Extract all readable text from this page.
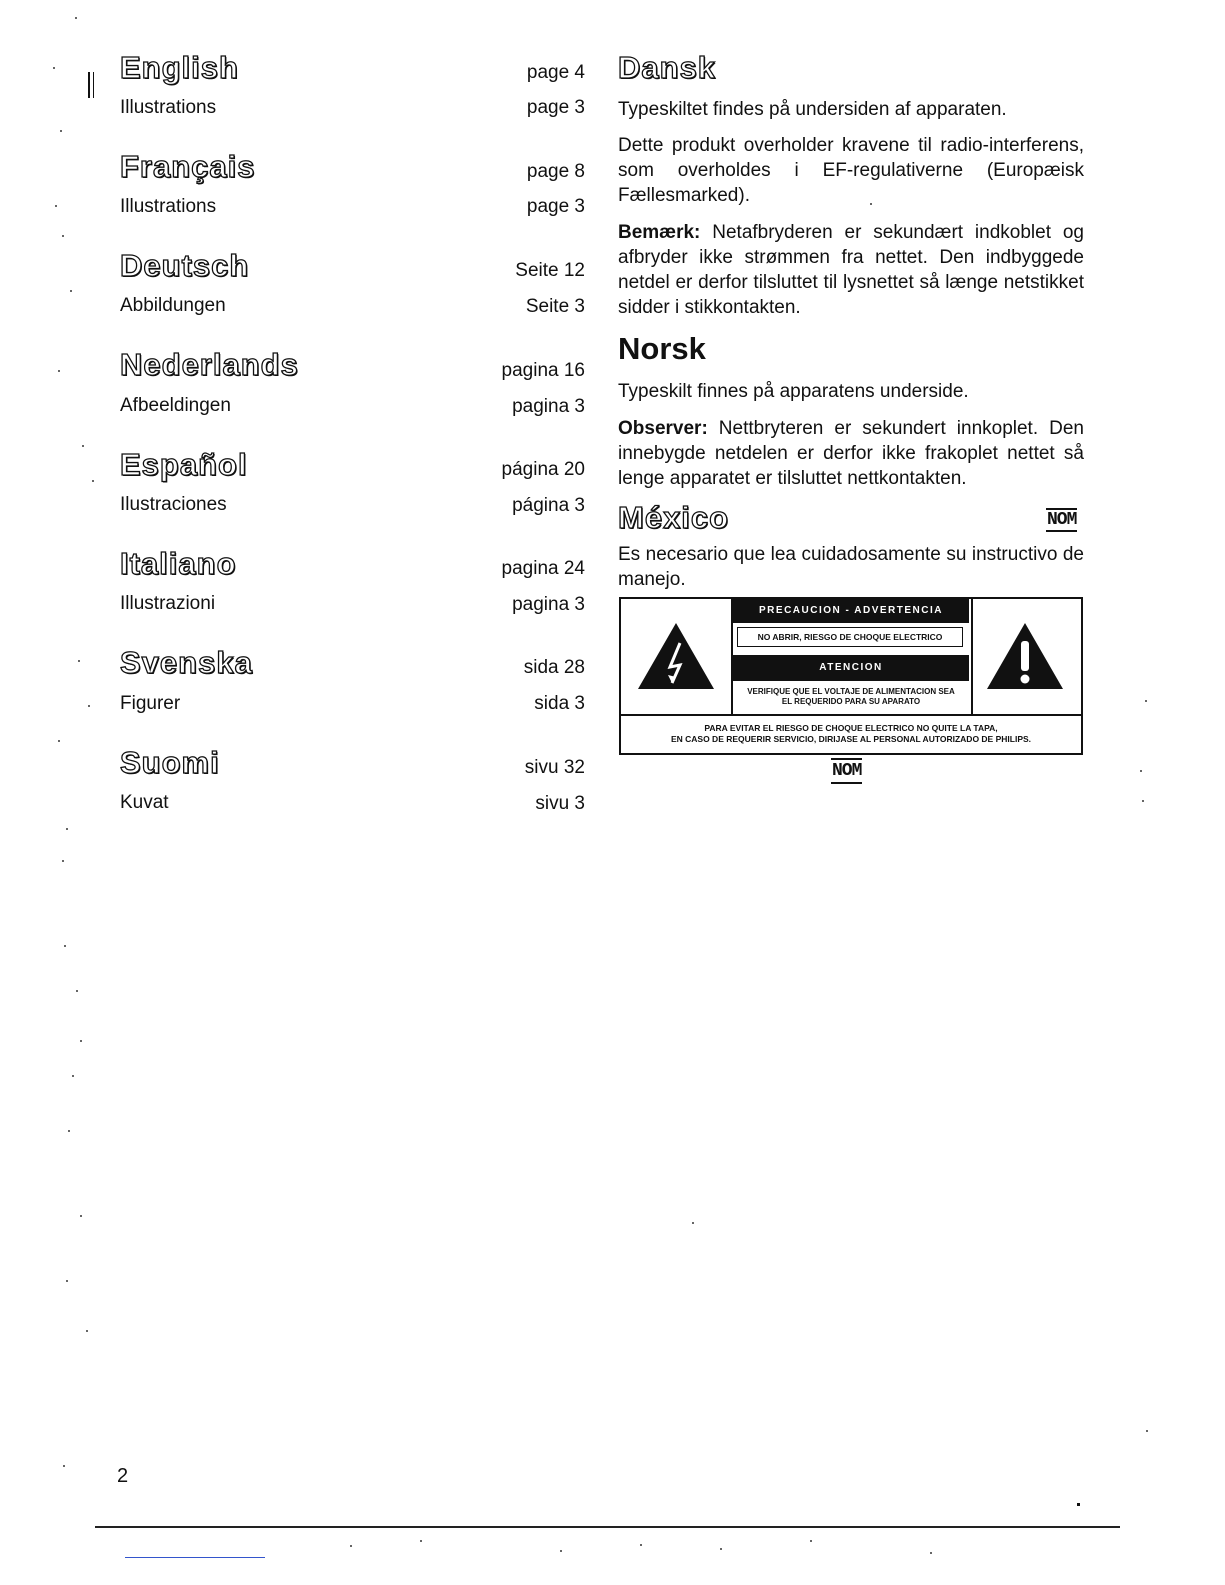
English
Illustrations
page 4
page 3
Français
Illustrations
page 8
page 3
Deutsch
Abbildungen
Seite 12
Seite 3
Nederlands
Afbeeldingen
pagina 16
pagina 3
Español
Ilustraciones
página 20
página 3
Italiano
Illustrazioni
pagina 24
pagina 3
Svenska
Figurer
sida 28
sida 3
Suomi
Kuvat
sivu 32
sivu 3
Dansk
Typeskiltet findes på undersiden af apparaten.
Dette produkt overholder kravene til radio-interferens, som overholdes i EF-regulativerne (Europæisk Fællesmarked).
Bemærk: Netafbryderen er sekundært indkoblet og afbryder ikke strømmen fra nettet. Den indbyggede netdel er derfor tilsluttet til lysnettet så længe netstikket sidder i stikkontakten.
Norsk
Typeskilt finnes på apparatens underside.
Observer: Nettbryteren er sekundert innkoplet. Den innebygde netdelen er derfor ikke frakoplet nettet så lenge apparatet er tilsluttet nettkontakten.
México	NOM
Es necesario que lea cuidadosamente su instructivo de manejo.
PRECAUCION - ADVERTENCIA
NO ABRIR, RIESGO DE CHOQUE ELECTRICO
ATENCION
VERIFIQUE QUE EL VOLTAJE DE ALIMENTACION SEA EL REQUERIDO PARA SU APARATO
PARA EVITAR EL RIESGO DE CHOQUE ELECTRICO NO QUITE LA TAPA,
EN CASO DE REQUERIR SERVICIO, DIRIJASE AL PERSONAL AUTORIZADO DE PHILIPS.
NOM
2
